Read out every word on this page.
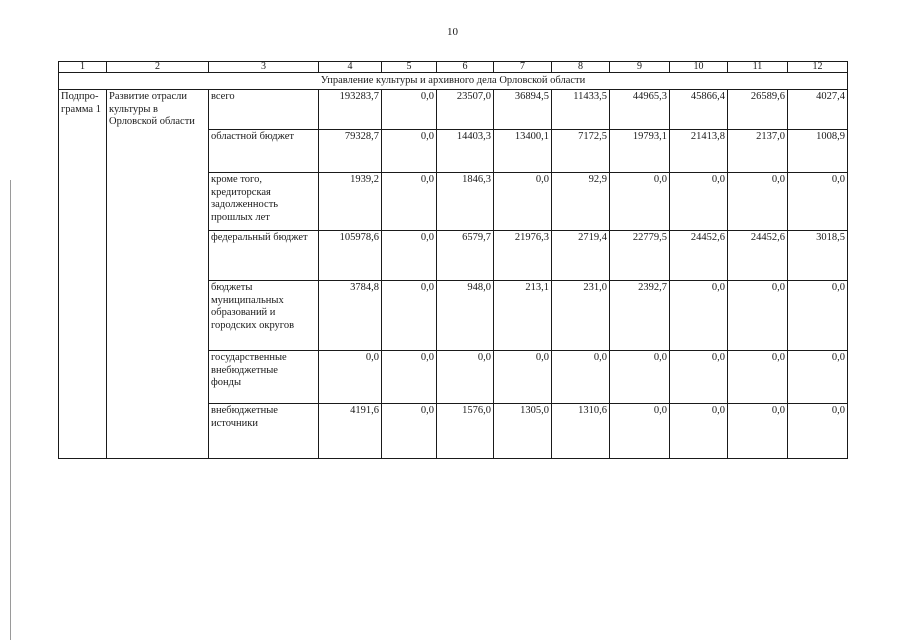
10
1	2	3	4	5	6	7	8	9	10	11	12
Управление культуры и архивного дела Орловской области											
Подпро-
грамма 1	Развитие отрасли
культуры в
Орловской области	всего	193283,7	0,0	23507,0	36894,5	11433,5	44965,3	45866,4	26589,6	4027,4
		областной бюджет	79328,7	0,0	14403,3	13400,1	7172,5	19793,1	21413,8	2137,0	1008,9
		кроме того,
кредиторская
задолженность
прошлых лет	1939,2	0,0	1846,3	0,0	92,9	0,0	0,0	0,0	0,0
		федеральный бюджет	105978,6	0,0	6579,7	21976,3	2719,4	22779,5	24452,6	24452,6	3018,5
		бюджеты
муниципальных
образований и
городских округов	3784,8	0,0	948,0	213,1	231,0	2392,7	0,0	0,0	0,0
		государственные
внебюджетные
фонды	0,0	0,0	0,0	0,0	0,0	0,0	0,0	0,0	0,0
		внебюджетные
источники	4191,6	0,0	1576,0	1305,0	1310,6	0,0	0,0	0,0	0,0
